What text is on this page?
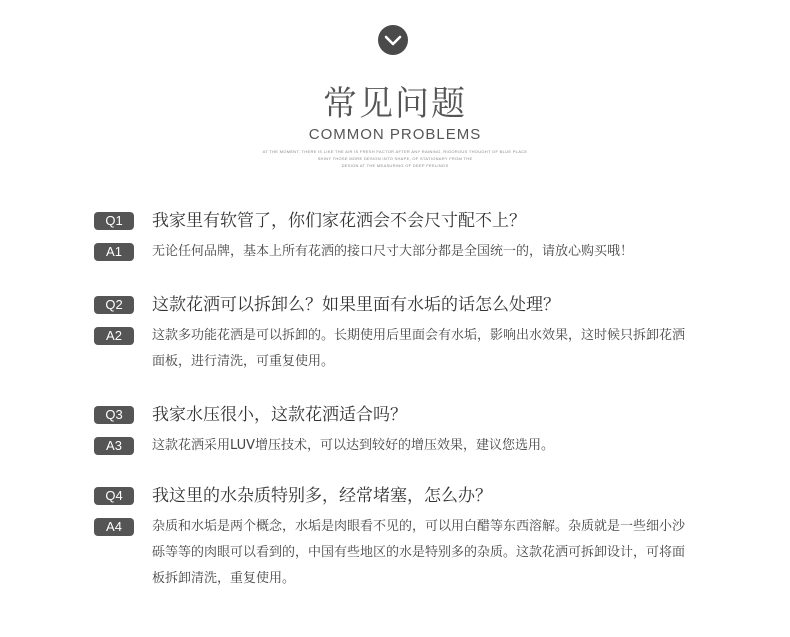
常见问题
COMMON PROBLEMS
AT THE MOMENT, THERE IS LIKE THE AIR IS FRESH FACTOR AFTER ANY RAINING, RIGOROUS THOUGHT OF BLUE PLACE
SHINY THOSE MORE DESIGN INTO SHAPE, OF STATIONARY FROM THE
DESIGN AT THE MEASURING OF DEEP FEELINGS
Q1	我家里有软管了，你们家花洒会不会尺寸配不上？
A1	无论任何品牌，基本上所有花洒的接口尺寸大部分都是全国统一的，请放心购买哦！
Q2	这款花洒可以拆卸么？如果里面有水垢的话怎么处理？
A2	这款多功能花洒是可以拆卸的。长期使用后里面会有水垢，影响出水效果，这时候只拆卸花洒面板，进行清洗，可重复使用。
Q3	我家水压很小，这款花洒适合吗？
A3	这款花洒采用LUV增压技术，可以达到较好的增压效果，建议您选用。
Q4	我这里的水杂质特别多，经常堵塞，怎么办？
A4	杂质和水垢是两个概念，水垢是肉眼看不见的，可以用白醋等东西溶解。杂质就是一些细小沙砾等等的肉眼可以看到的，中国有些地区的水是特别多的杂质。这款花洒可拆卸设计，可将面板拆卸清洗，重复使用。
